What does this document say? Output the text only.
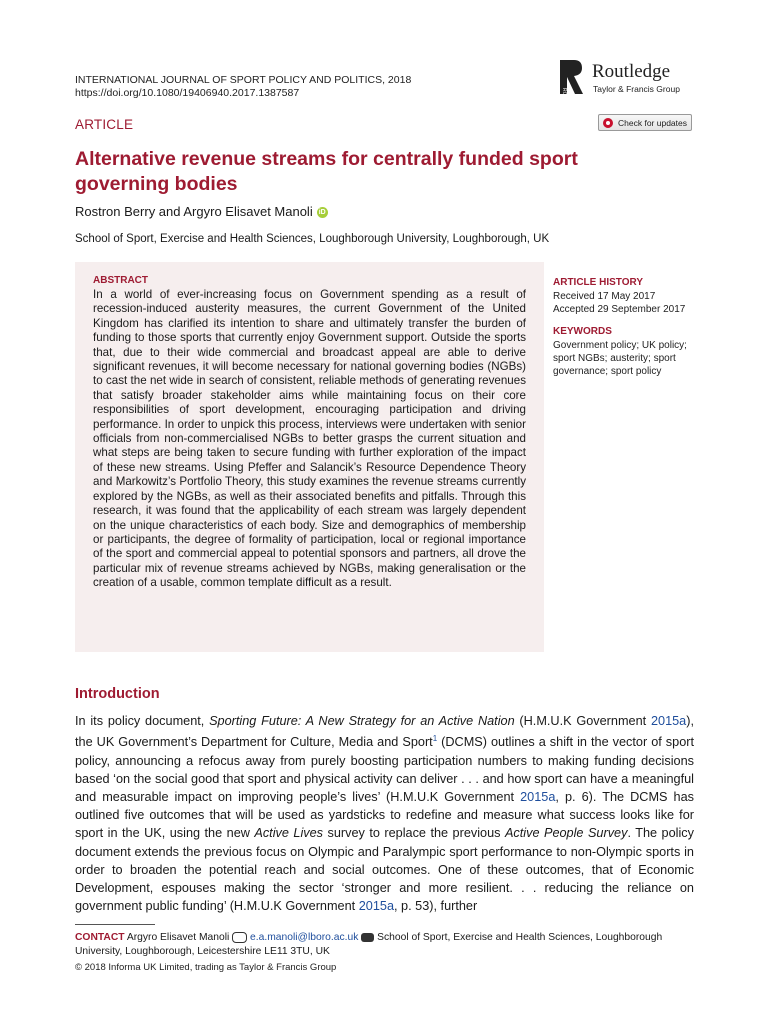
INTERNATIONAL JOURNAL OF SPORT POLICY AND POLITICS, 2018
https://doi.org/10.1080/19406940.2017.1387587	ROUTLEDGE
Routledge
Taylor & Francis Group
ARTICLE	Check for updates
Alternative revenue streams for centrally funded sport governing bodies
Rostron Berry and Argyro Elisavet Manoli iD
School of Sport, Exercise and Health Sciences, Loughborough University, Loughborough, UK
ABSTRACT
In a world of ever-increasing focus on Government spending as a result of recession-induced austerity measures, the current Government of the United Kingdom has clarified its intention to share and ultimately transfer the burden of funding to those sports that currently enjoy Government support. Outside the sports that, due to their wide commercial and broadcast appeal are able to derive significant revenues, it will become necessary for national governing bodies (NGBs) to cast the net wide in search of consistent, reliable methods of generating revenues that satisfy broader stakeholder aims while maintaining focus on their core responsibilities of sport development, encouraging participation and driving performance. In order to unpick this process, interviews were undertaken with senior officials from non-commercialised NGBs to better grasps the current situation and what steps are being taken to secure funding with further exploration of the impact of these new streams. Using Pfeffer and Salancik’s Resource Dependence Theory and Markowitz’s Portfolio Theory, this study examines the revenue streams currently explored by the NGBs, as well as their associated benefits and pitfalls. Through this research, it was found that the applicability of each stream was largely dependent on the unique characteristics of each body. Size and demographics of membership or participants, the degree of formality of participation, local or regional importance of the sport and commercial appeal to potential sponsors and partners, all drove the particular mix of revenue streams achieved by NGBs, making generalisation or the creation of a usable, common template difficult as a result.
ARTICLE HISTORY
Received 17 May 2017
Accepted 29 September 2017
KEYWORDS
Government policy; UK policy; sport NGBs; austerity; sport governance; sport policy
Introduction
In its policy document, Sporting Future: A New Strategy for an Active Nation (H.M.U.K Government 2015a), the UK Government’s Department for Culture, Media and Sport$^1$ (DCMS) outlines a shift in the vector of sport policy, announcing a refocus away from purely boosting participation numbers to making funding decisions based ‘on the social good that sport and physical activity can deliver . . . and how sport can have a meaningful and measurable impact on improving people’s lives’ (H.M.U.K Government 2015a, p. 6). The DCMS has outlined five outcomes that will be used as yardsticks to redefine and measure what success looks like for sport in the UK, using the new Active Lives survey to replace the previous Active People Survey. The policy document extends the previous focus on Olympic and Paralympic sport performance to non-Olympic sports in order to broaden the potential reach and social outcomes. One of these outcomes, that of Economic Development, espouses making the sector ‘stronger and more resilient. . . reducing the reliance on government public funding’ (H.M.U.K Government 2015a, p. 53), further
CONTACT Argyro Elisavet Manoli  e.a.manoli@lboro.ac.uk  School of Sport, Exercise and Health Sciences, Loughborough University, Loughborough, Leicestershire LE11 3TU, UK
© 2018 Informa UK Limited, trading as Taylor & Francis Group
